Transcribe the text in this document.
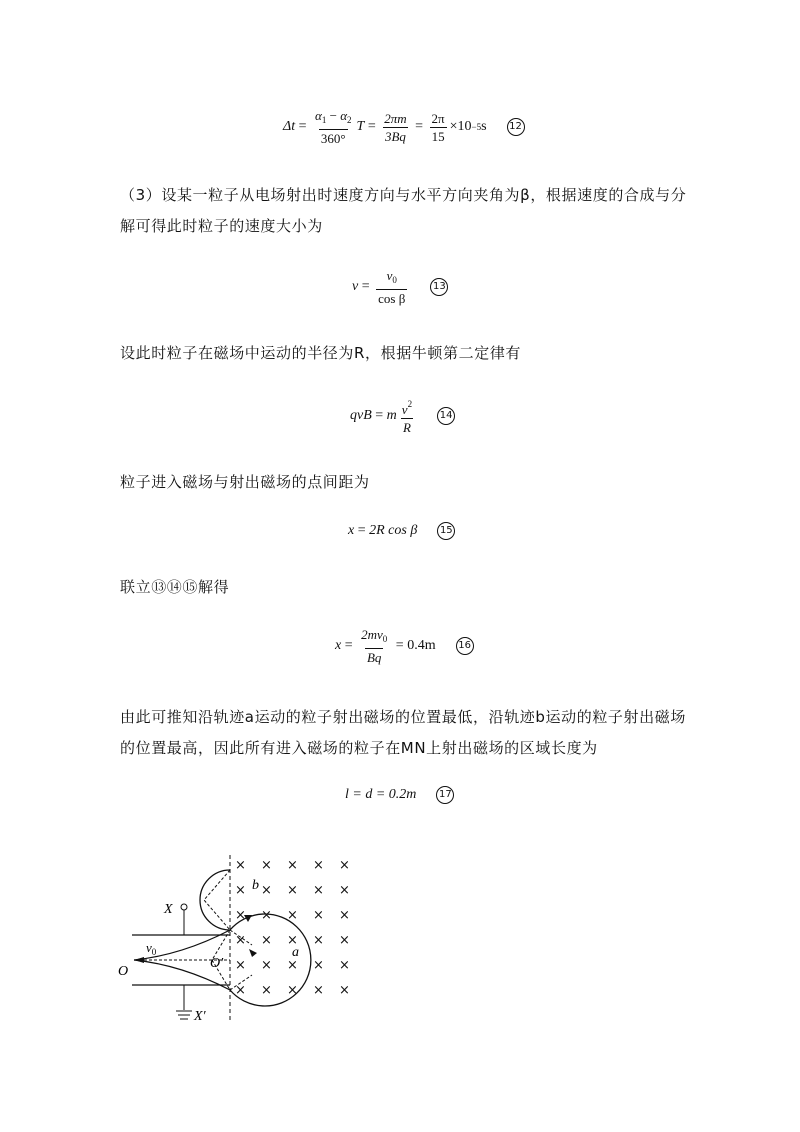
$\Delta t = \frac{\alpha_1 - \alpha_2}{360^\circ}$ $T = \frac{2\pi m}{3Bq} = \frac{2\pi}{15} \times 10 -5$ s 12
（3）设某一粒子从电场射出时速度方向与水平方向夹角为β，根据速度的合成与分解可得此时粒子的速度大小为
$v = \frac{v_0}{\text{cos β}}$	13
设此时粒子在磁场中运动的半径为R，根据牛顿第二定律有
qvB = m $\frac{v^2}{R}$	14
粒子进入磁场与射出磁场的点间距为
x = 2R cos β 15
联立⑬⑭⑮解得
$x = \frac{2mv_0}{Bq} = 0.4m$ 16
由此可推知沿轨迹a运动的粒子射出磁场的位置最低，沿轨迹b运动的粒子射出磁场的位置最高，因此所有进入磁场的粒子在MN上射出磁场的区域长度为
l = d = 0.2m 17
X
X′
O
$v_0$
O′
a
b
× × × × ×
× × × × ×
× × × × ×
× × × × ×
× × × × ×
× × × × ×
